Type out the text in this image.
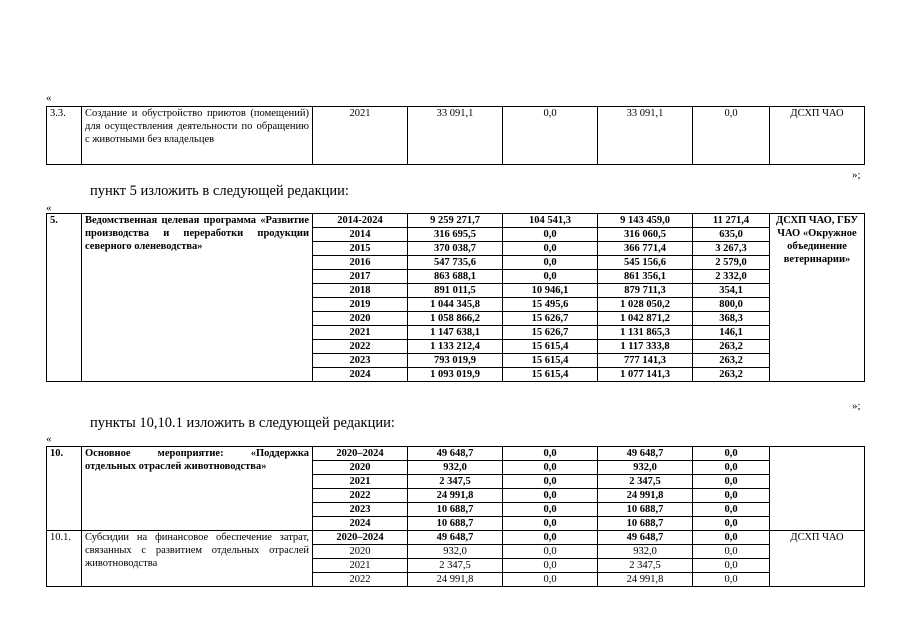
«
3.3.	Создание и обустройство приютов (помещений) для осуществления деятельности по обращению с животными без владельцев	2021	33 091,1	0,0	33 091,1	0,0	ДСХП ЧАО
»;
пункт 5 изложить в следующей редакции:
«
5.	Ведомственная целевая программа «Развитие производства и переработки продукции северного оленеводства»	2014-2024	9 259 271,7	104 541,3	9 143 459,0	11 271,4	ДСХП ЧАО, ГБУ ЧАО «Окружное объединение ветеринарии»
		2014	316 695,5	0,0	316 060,5	635,0	
		2015	370 038,7	0,0	366 771,4	3 267,3	
		2016	547 735,6	0,0	545 156,6	2 579,0	
		2017	863 688,1	0,0	861 356,1	2 332,0	
		2018	891 011,5	10 946,1	879 711,3	354,1	
		2019	1 044 345,8	15 495,6	1 028 050,2	800,0	
		2020	1 058 866,2	15 626,7	1 042 871,2	368,3	
		2021	1 147 638,1	15 626,7	1 131 865,3	146,1	
		2022	1 133 212,4	15 615,4	1 117 333,8	263,2	
		2023	793 019,9	15 615,4	777 141,3	263,2	
		2024	1 093 019,9	15 615,4	1 077 141,3	263,2	
»;
пункты 10,10.1 изложить в следующей редакции:
«
10.	Основное мероприятие: «Поддержка отдельных отраслей животноводства»	2020–2024	49 648,7	0,0	49 648,7	0,0	
		2020	932,0	0,0	932,0	0,0	
		2021	2 347,5	0,0	2 347,5	0,0	
		2022	24 991,8	0,0	24 991,8	0,0	
		2023	10 688,7	0,0	10 688,7	0,0	
		2024	10 688,7	0,0	10 688,7	0,0	
10.1.	Субсидии на финансовое обеспечение затрат, связанных с развитием отдельных отраслей животноводства	2020–2024	49 648,7	0,0	49 648,7	0,0	ДСХП ЧАО
		2020	932,0	0,0	932,0	0,0	
		2021	2 347,5	0,0	2 347,5	0,0	
		2022	24 991,8	0,0	24 991,8	0,0	
